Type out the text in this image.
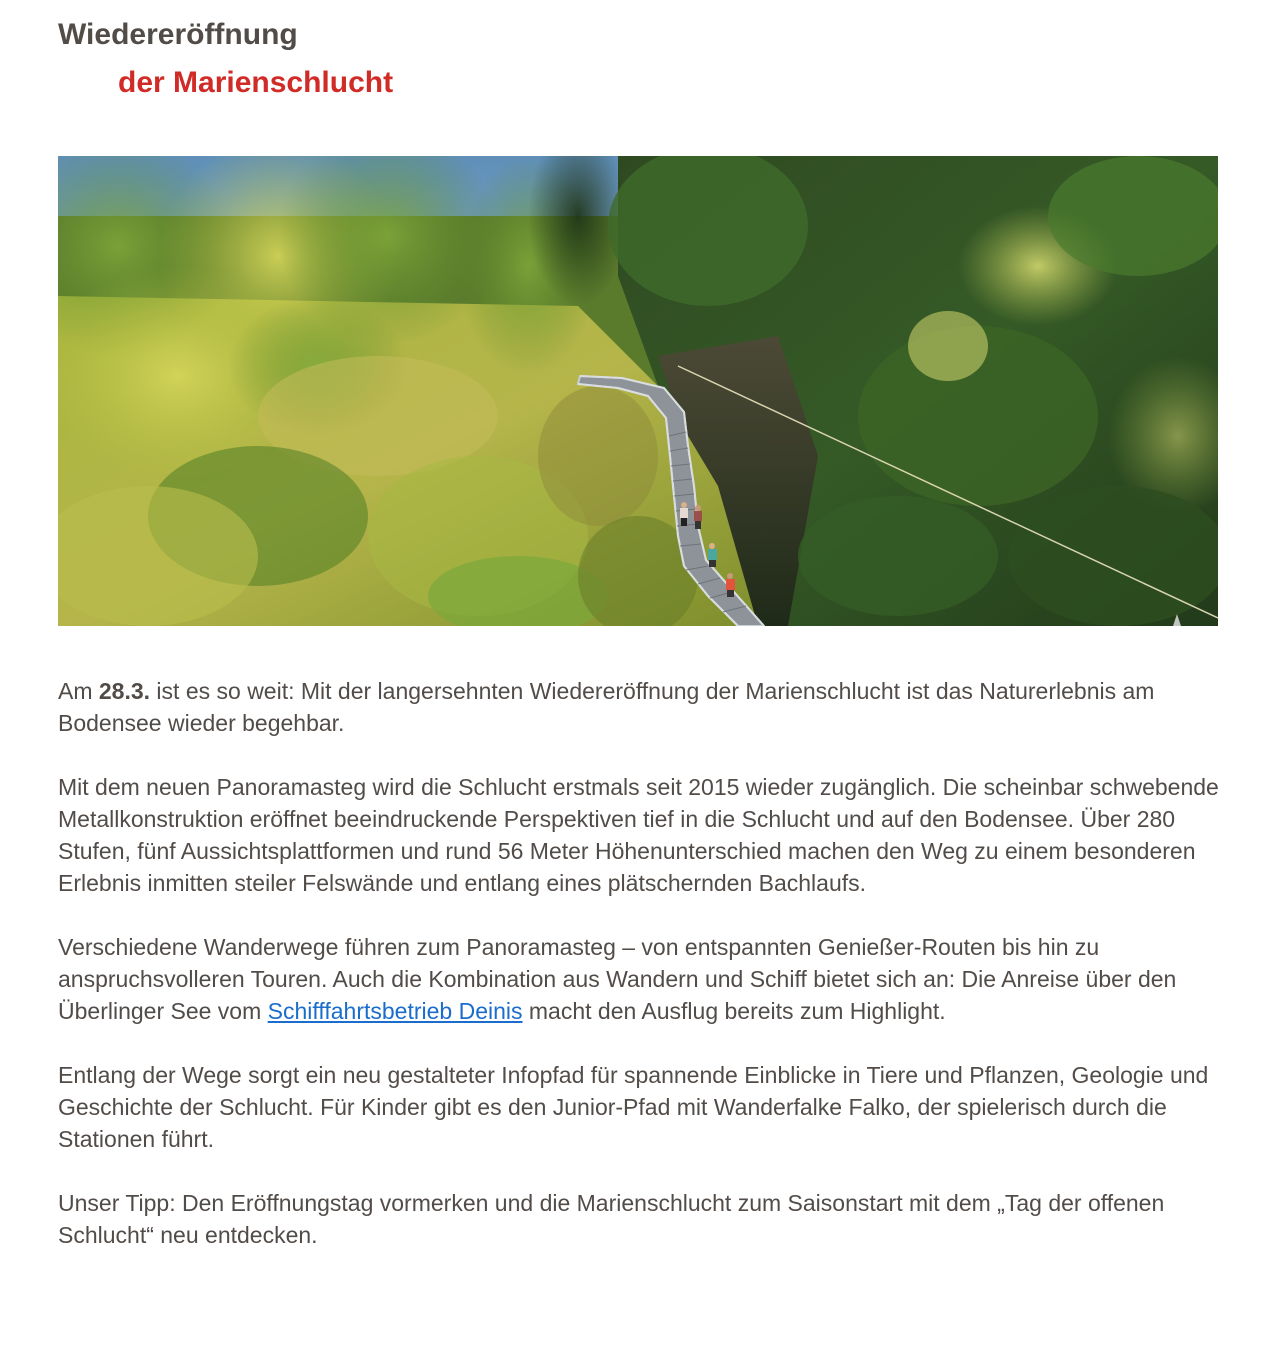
Wiedereröffnung
der Marienschlucht

Am 28.3. ist es so weit: Mit der langersehnten Wiedereröffnung der Marienschlucht ist das Naturerlebnis am Bodensee wieder begehbar.

Mit dem neuen Panoramasteg wird die Schlucht erstmals seit 2015 wieder zugänglich. Die scheinbar schwebende Metallkonstruktion eröffnet beeindruckende Perspektiven tief in die Schlucht und auf den Bodensee. Über 280 Stufen, fünf Aussichtsplattformen und rund 56 Meter Höhenunterschied machen den Weg zu einem besonderen Erlebnis inmitten steiler Felswände und entlang eines plätschernden Bachlaufs.

Verschiedene Wanderwege führen zum Panoramasteg – von entspannten Genießer-Routen bis hin zu anspruchsvolleren Touren. Auch die Kombination aus Wandern und Schiff bietet sich an: Die Anreise über den Überlinger See vom Schifffahrtsbetrieb Deinis macht den Ausflug bereits zum Highlight.

Entlang der Wege sorgt ein neu gestalteter Infopfad für spannende Einblicke in Tiere und Pflanzen, Geologie und Geschichte der Schlucht. Für Kinder gibt es den Junior-Pfad mit Wanderfalke Falko, der spielerisch durch die Stationen führt.

Unser Tipp: Den Eröffnungstag vormerken und die Marienschlucht zum Saisonstart mit dem „Tag der offenen Schlucht“ neu entdecken.
